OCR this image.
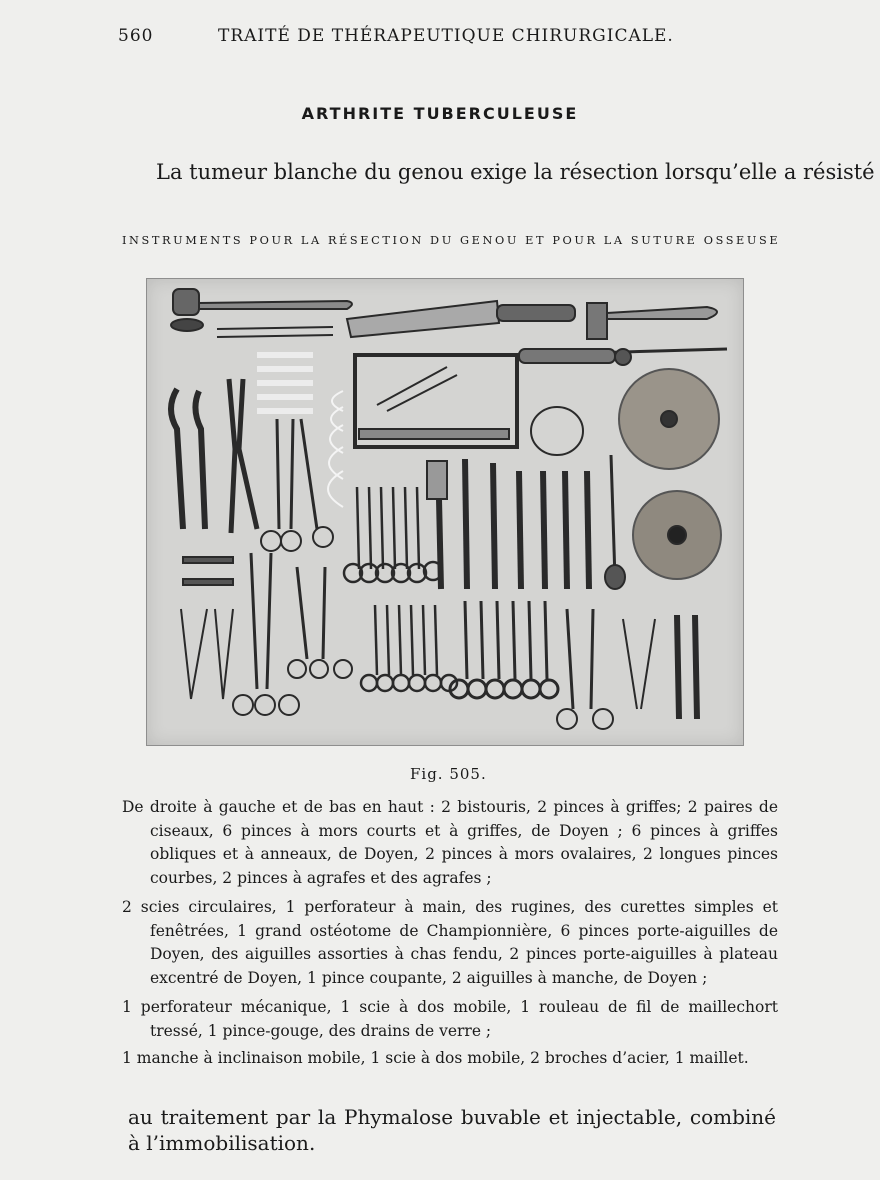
560	TRAITÉ DE THÉRAPEUTIQUE CHIRURGICALE.
ARTHRITE TUBERCULEUSE
La tumeur blanche du genou exige la résection lorsqu’elle a résisté
INSTRUMENTS POUR LA RÉSECTION DU GENOU ET POUR LA SUTURE OSSEUSE
Fig. 505.

De droite à gauche et de bas en haut : 2 bistouris, 2 pinces à griffes; 2 paires de ciseaux, 6 pinces à mors courts et à griffes, de Doyen ; 6 pinces à griffes obliques et à anneaux, de Doyen, 2 pinces à mors ovalaires, 2 longues pinces courbes, 2 pinces à agrafes et des agrafes ;

2 scies circulaires, 1 perforateur à main, des rugines, des curettes simples et fenêtrées, 1 grand ostéotome de Championnière, 6 pinces porte-aiguilles de Doyen, des aiguilles assorties à chas fendu, 2 pinces porte-aiguilles à plateau excentré de Doyen, 1 pince coupante, 2 aiguilles à manche, de Doyen ;

1 perforateur mécanique, 1 scie à dos mobile, 1 rouleau de fil de maillechort tressé, 1 pince-gouge, des drains de verre ;

1 manche à inclinaison mobile, 1 scie à dos mobile, 2 broches d’acier, 1 maillet.

au traitement par la Phymalose buvable et injectable, combiné à l’immobilisation.
